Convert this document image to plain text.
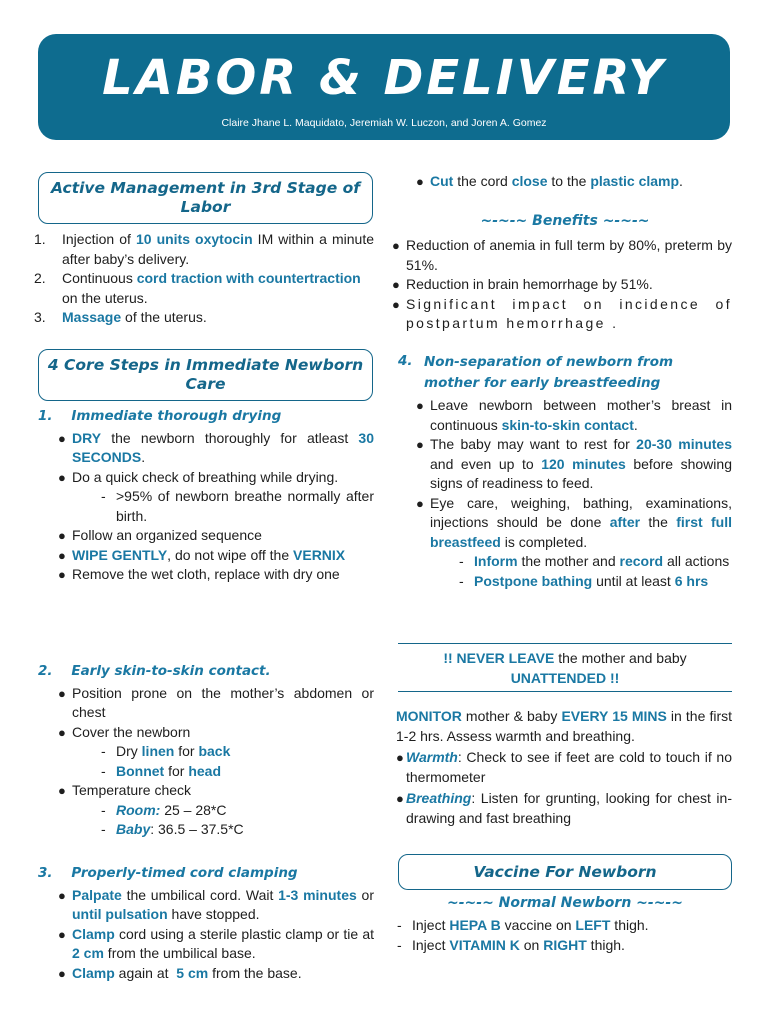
LABOR & DELIVERY
Claire Jhane L. Maquidato, Jeremiah W. Luczon, and Joren A. Gomez
Active Management in 3rd Stage of Labor
1. Injection of 10 units oxytocin IM within a minute after baby’s delivery.
2. Continuous cord traction with countertraction on the uterus.
3. Massage of the uterus.
4 Core Steps in Immediate Newborn Care
1. Immediate thorough drying
● DRY the newborn thoroughly for atleast 30 SECONDS.
● Do a quick check of breathing while drying.
- >95% of newborn breathe normally after birth.
● Follow an organized sequence
● WIPE GENTLY, do not wipe off the VERNIX
● Remove the wet cloth, replace with dry one
2. Early skin-to-skin contact.
● Position prone on the mother’s abdomen or chest
● Cover the newborn
- Dry linen for back
- Bonnet for head
● Temperature check
- Room: 25 – 28*C
- Baby: 36.5 – 37.5*C
3. Properly-timed cord clamping
● Palpate the umbilical cord. Wait 1-3 minutes or until pulsation have stopped.
● Clamp cord using a sterile plastic clamp or tie at 2 cm from the umbilical base.
● Clamp again at  5 cm from the base.
● Cut the cord close to the plastic clamp.
~-~-~ Benefits ~-~-~
● Reduction of anemia in full term by 80%, preterm by 51%.
● Reduction in brain hemorrhage by 51%.
● Significant impact on incidence of postpartum hemorrhage .
4. Non-separation of newborn from mother for early breastfeeding
● Leave newborn between mother’s breast in continuous skin-to-skin contact.
● The baby may want to rest for 20-30 minutes and even up to 120 minutes before showing signs of readiness to feed.
● Eye care, weighing, bathing, examinations, injections should be done after the first full breastfeed is completed.
- Inform the mother and record all actions
- Postpone bathing until at least 6 hrs
!! NEVER LEAVE the mother and baby
UNATTENDED !!
MONITOR mother & baby EVERY 15 MINS in the first 1-2 hrs. Assess warmth and breathing.
● Warmth: Check to see if feet are cold to touch if no thermometer
● Breathing: Listen for grunting, looking for chest in-drawing and fast breathing
Vaccine For Newborn
~-~-~ Normal Newborn ~-~-~
- Inject HEPA B vaccine on LEFT thigh.
- Inject VITAMIN K on RIGHT thigh.
